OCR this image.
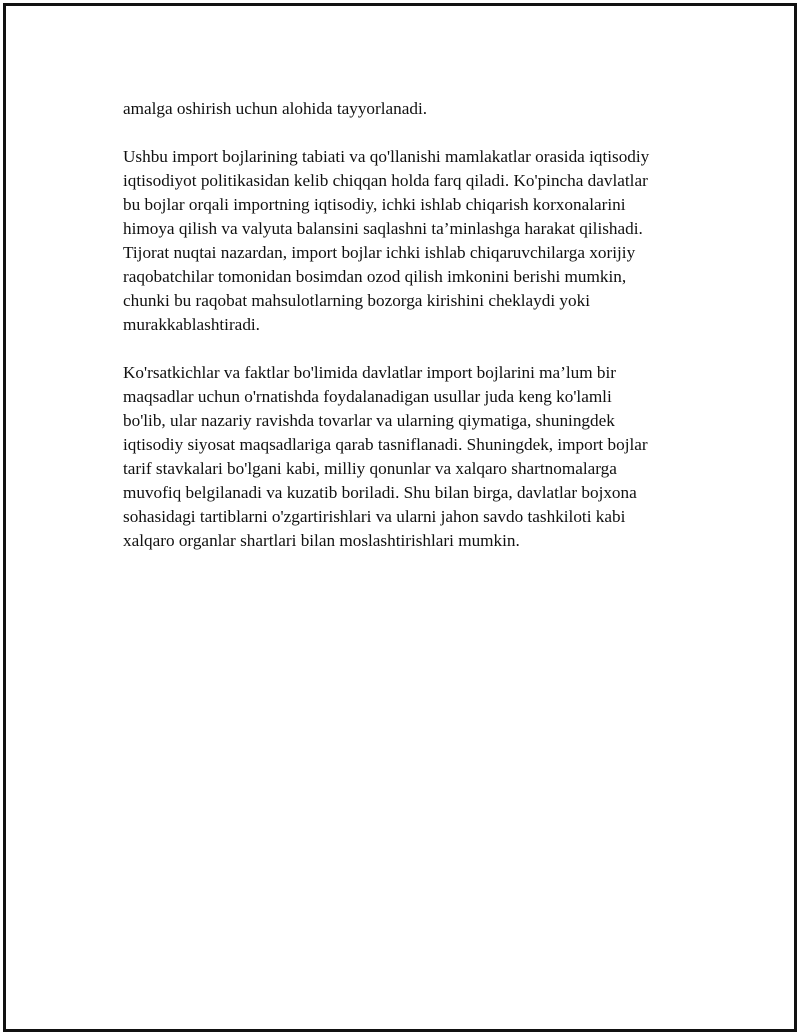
amalga oshirish uchun alohida tayyorlanadi.

Ushbu import bojlarining tabiati va qo'llanishi mamlakatlar orasida iqtisodiy
iqtisodiyot politikasidan kelib chiqqan holda farq qiladi. Ko'pincha davlatlar
bu bojlar orqali importning iqtisodiy, ichki ishlab chiqarish korxonalarini
himoya qilish va valyuta balansini saqlashni ta’minlashga harakat qilishadi.
Tijorat nuqtai nazardan, import bojlar ichki ishlab chiqaruvchilarga xorijiy
raqobatchilar tomonidan bosimdan ozod qilish imkonini berishi mumkin,
chunki bu raqobat mahsulotlarning bozorga kirishini cheklaydi yoki
murakkablashtiradi.

Ko'rsatkichlar va faktlar bo'limida davlatlar import bojlarini ma’lum bir
maqsadlar uchun o'rnatishda foydalanadigan usullar juda keng ko'lamli
bo'lib, ular nazariy ravishda tovarlar va ularning qiymatiga, shuningdek
iqtisodiy siyosat maqsadlariga qarab tasniflanadi. Shuningdek, import bojlar
tarif stavkalari bo'lgani kabi, milliy qonunlar va xalqaro shartnomalarga
muvofiq belgilanadi va kuzatib boriladi. Shu bilan birga, davlatlar bojxona
sohasidagi tartiblarni o'zgartirishlari va ularni jahon savdo tashkiloti kabi
xalqaro organlar shartlari bilan moslashtirishlari mumkin.
